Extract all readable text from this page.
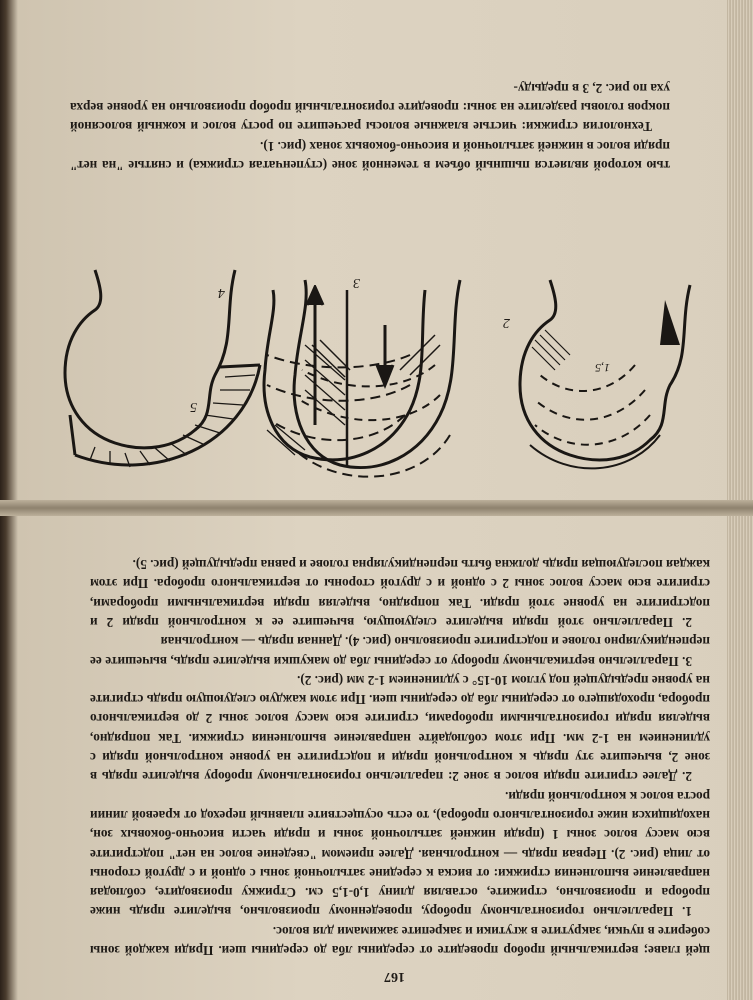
2
1,5
3
4

тью которой является пышный объем в теменной зоне (ступенчатая стрижка) и снятые "на нет" пряди волос в нижней затылочной и височно-боковых зонах (рис. 1).

Технология стрижки: чистые влажные волосы расчешите по росту волос и кожный волосяной покров головы разделите на зоны: проведите горизонтальный пробор произвольно на уровне верха уха по рис. 2, 3 в предыду-

5

щей главе; вертикальный пробор проведите от середины лба до середины шеи. Пряди каждой зоны соберите в пучки, закрутите в жгутики и закрепите зажимами для волос.

1. Параллельно горизонтальному пробору, проведенному произвольно, выделите прядь ниже пробора и произвольно, стрижите, оставляя длину 1,0-1,5 см. Стрижку производите, соблюдая направление выполнения стрижки: от виска к середине затылочной зоны с одной и с другой стороны от лица (рис. 2). Первая прядь — контрольная. Далее приемом "сведение волос на нет" подстригите всю массу волос зоны 1 (пряди нижней затылочной зоны и пряди части височно-боковых зон, находящихся ниже горизонтального пробора), то есть осуществите плавный переход от краевой линии роста волос к контрольной пряди.

2. Далее стригите пряди волос в зоне 2: параллельно горизонтальному пробору выделите прядь в зоне 2, вычешите эту прядь к контрольной пряди и подстригите на уровне контрольной пряди с удлинением на 1-2 мм. При этом соблюдайте направление выполнения стрижки. Так попрядно, выделяя пряди горизонтальными проборами, стригите всю массу волос зоны 2 до вертикального пробора, проходящего от середины лба до середины шеи. При этом каждую следующую прядь стригите на уровне предыдущей под углом 10-15° с удлинением 1-2 мм (рис. 2).

3. Параллельно вертикальному пробору от середины лба до макушки выделите прядь, вычешите ее перпендикулярно голове и подстригите произвольно (рис. 4). Данная прядь — контрольная

2. Параллельно этой пряди выделите следующую, вычешите ее к контрольной пряди 2 и подстригите на уровне этой пряди. Так попрядно, выделяя пряди вертикальными проборами, стригите всю массу волос зоны 2 с одной и с другой стороны от вертикального пробора. При этом каждая последующая прядь должна быть перпендикулярна голове и равна предыдущей (рис. 5).

167
